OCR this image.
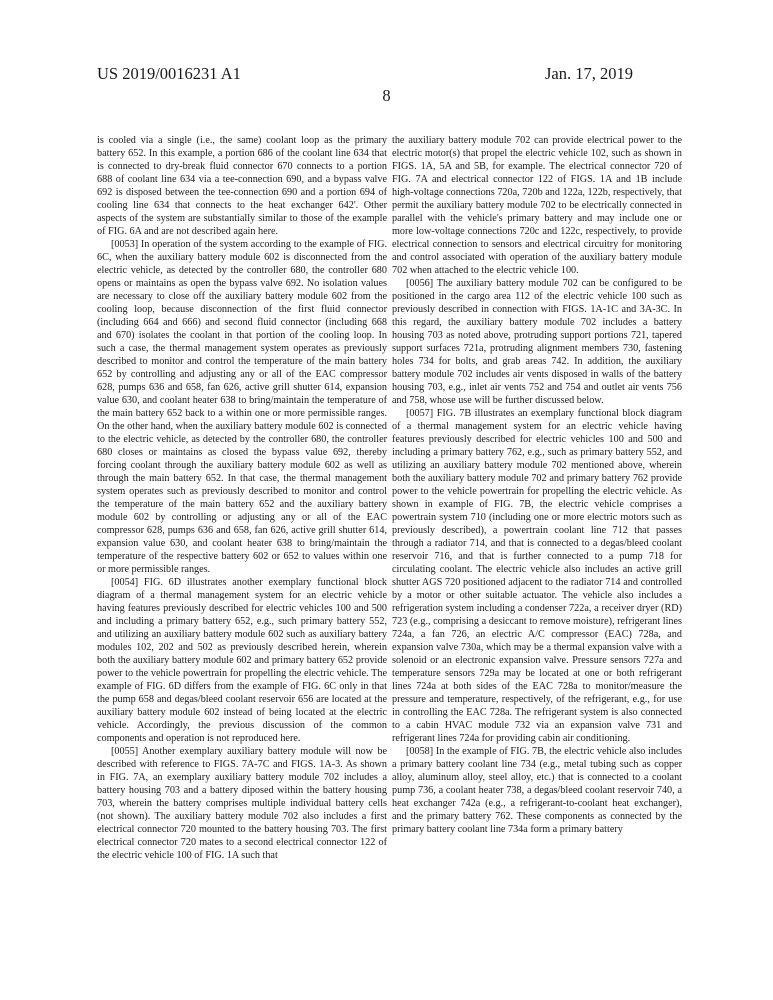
US 2019/0016231 A1	Jan. 17, 2019
8

is cooled via a single (i.e., the same) coolant loop as the primary battery 652. In this example, a portion 686 of the coolant line 634 that is connected to dry-break fluid connector 670 connects to a portion 688 of coolant line 634 via a tee-connection 690, and a bypass valve 692 is disposed between the tee-connection 690 and a portion 694 of cooling line 634 that connects to the heat exchanger 642'. Other aspects of the system are substantially similar to those of the example of FIG. 6A and are not described again here.

[0053] In operation of the system according to the example of FIG. 6C, when the auxiliary battery module 602 is disconnected from the electric vehicle, as detected by the controller 680, the controller 680 opens or maintains as open the bypass valve 692. No isolation values are necessary to close off the auxiliary battery module 602 from the cooling loop, because disconnection of the first fluid connector (including 664 and 666) and second fluid connector (including 668 and 670) isolates the coolant in that portion of the cooling loop. In such a case, the thermal management system operates as previously described to monitor and control the temperature of the main battery 652 by controlling and adjusting any or all of the EAC compressor 628, pumps 636 and 658, fan 626, active grill shutter 614, expansion value 630, and coolant heater 638 to bring/maintain the temperature of the main battery 652 back to a within one or more permissible ranges. On the other hand, when the auxiliary battery module 602 is connected to the electric vehicle, as detected by the controller 680, the controller 680 closes or maintains as closed the bypass value 692, thereby forcing coolant through the auxiliary battery module 602 as well as through the main battery 652. In that case, the thermal management system operates such as previously described to monitor and control the temperature of the main battery 652 and the auxiliary battery module 602 by controlling or adjusting any or all of the EAC compressor 628, pumps 636 and 658, fan 626, active grill shutter 614, expansion value 630, and coolant heater 638 to bring/maintain the temperature of the respective battery 602 or 652 to values within one or more permissible ranges.

[0054] FIG. 6D illustrates another exemplary functional block diagram of a thermal management system for an electric vehicle having features previously described for electric vehicles 100 and 500 and including a primary battery 652, e.g., such primary battery 552, and utilizing an auxiliary battery module 602 such as auxiliary battery modules 102, 202 and 502 as previously described herein, wherein both the auxiliary battery module 602 and primary battery 652 provide power to the vehicle powertrain for propelling the electric vehicle. The example of FIG. 6D differs from the example of FIG. 6C only in that the pump 658 and degas/bleed coolant reservoir 656 are located at the auxiliary battery module 602 instead of being located at the electric vehicle. Accordingly, the previous discussion of the common components and operation is not reproduced here.

[0055] Another exemplary auxiliary battery module will now be described with reference to FIGS. 7A-7C and FIGS. 1A-3. As shown in FIG. 7A, an exemplary auxiliary battery module 702 includes a battery housing 703 and a battery diposed within the battery housing 703, wherein the battery comprises multiple individual battery cells (not shown). The auxiliary battery module 702 also includes a first electrical connector 720 mounted to the battery housing 703. The first electrical connector 720 mates to a second electrical connector 122 of the electric vehicle 100 of FIG. 1A such that

the auxiliary battery module 702 can provide electrical power to the electric motor(s) that propel the electric vehicle 102, such as shown in FIGS. 1A, 5A and 5B, for example. The electrical connector 720 of FIG. 7A and electrical connector 122 of FIGS. 1A and 1B include high-voltage connections 720a, 720b and 122a, 122b, respectively, that permit the auxiliary battery module 702 to be electrically connected in parallel with the vehicle's primary battery and may include one or more low-voltage connections 720c and 122c, respectively, to provide electrical connection to sensors and electrical circuitry for monitoring and control associated with operation of the auxiliary battery module 702 when attached to the electric vehicle 100.

[0056] The auxiliary battery module 702 can be configured to be positioned in the cargo area 112 of the electric vehicle 100 such as previously described in connection with FIGS. 1A-1C and 3A-3C. In this regard, the auxiliary battery module 702 includes a battery housing 703 as noted above, protruding support portions 721, tapered support surfaces 721a, protruding alignment members 730, fastening holes 734 for bolts, and grab areas 742. In addition, the auxiliary battery module 702 includes air vents disposed in walls of the battery housing 703, e.g., inlet air vents 752 and 754 and outlet air vents 756 and 758, whose use will be further discussed below.

[0057] FIG. 7B illustrates an exemplary functional block diagram of a thermal management system for an electric vehicle having features previously described for electric vehicles 100 and 500 and including a primary battery 762, e.g., such as primary battery 552, and utilizing an auxiliary battery module 702 mentioned above, wherein both the auxiliary battery module 702 and primary battery 762 provide power to the vehicle powertrain for propelling the electric vehicle. As shown in example of FIG. 7B, the electric vehicle comprises a powertrain system 710 (including one or more electric motors such as previously described), a powertrain coolant line 712 that passes through a radiator 714, and that is connected to a degas/bleed coolant reservoir 716, and that is further connected to a pump 718 for circulating coolant. The electric vehicle also includes an active grill shutter AGS 720 positioned adjacent to the radiator 714 and controlled by a motor or other suitable actuator. The vehicle also includes a refrigeration system including a condenser 722a, a receiver dryer (RD) 723 (e.g., comprising a desiccant to remove moisture), refrigerant lines 724a, a fan 726, an electric A/C compressor (EAC) 728a, and expansion valve 730a, which may be a thermal expansion valve with a solenoid or an electronic expansion valve. Pressure sensors 727a and temperature sensors 729a may be located at one or both refrigerant lines 724a at both sides of the EAC 728a to monitor/measure the pressure and temperature, respectively, of the refrigerant, e.g., for use in controlling the EAC 728a. The refrigerant system is also connected to a cabin HVAC module 732 via an expansion valve 731 and refrigerant lines 724a for providing cabin air conditioning.

[0058] In the example of FIG. 7B, the electric vehicle also includes a primary battery coolant line 734 (e.g., metal tubing such as copper alloy, aluminum alloy, steel alloy, etc.) that is connected to a coolant pump 736, a coolant heater 738, a degas/bleed coolant reservoir 740, a heat exchanger 742a (e.g., a refrigerant-to-coolant heat exchanger), and the primary battery 762. These components as connected by the primary battery coolant line 734a form a primary battery
